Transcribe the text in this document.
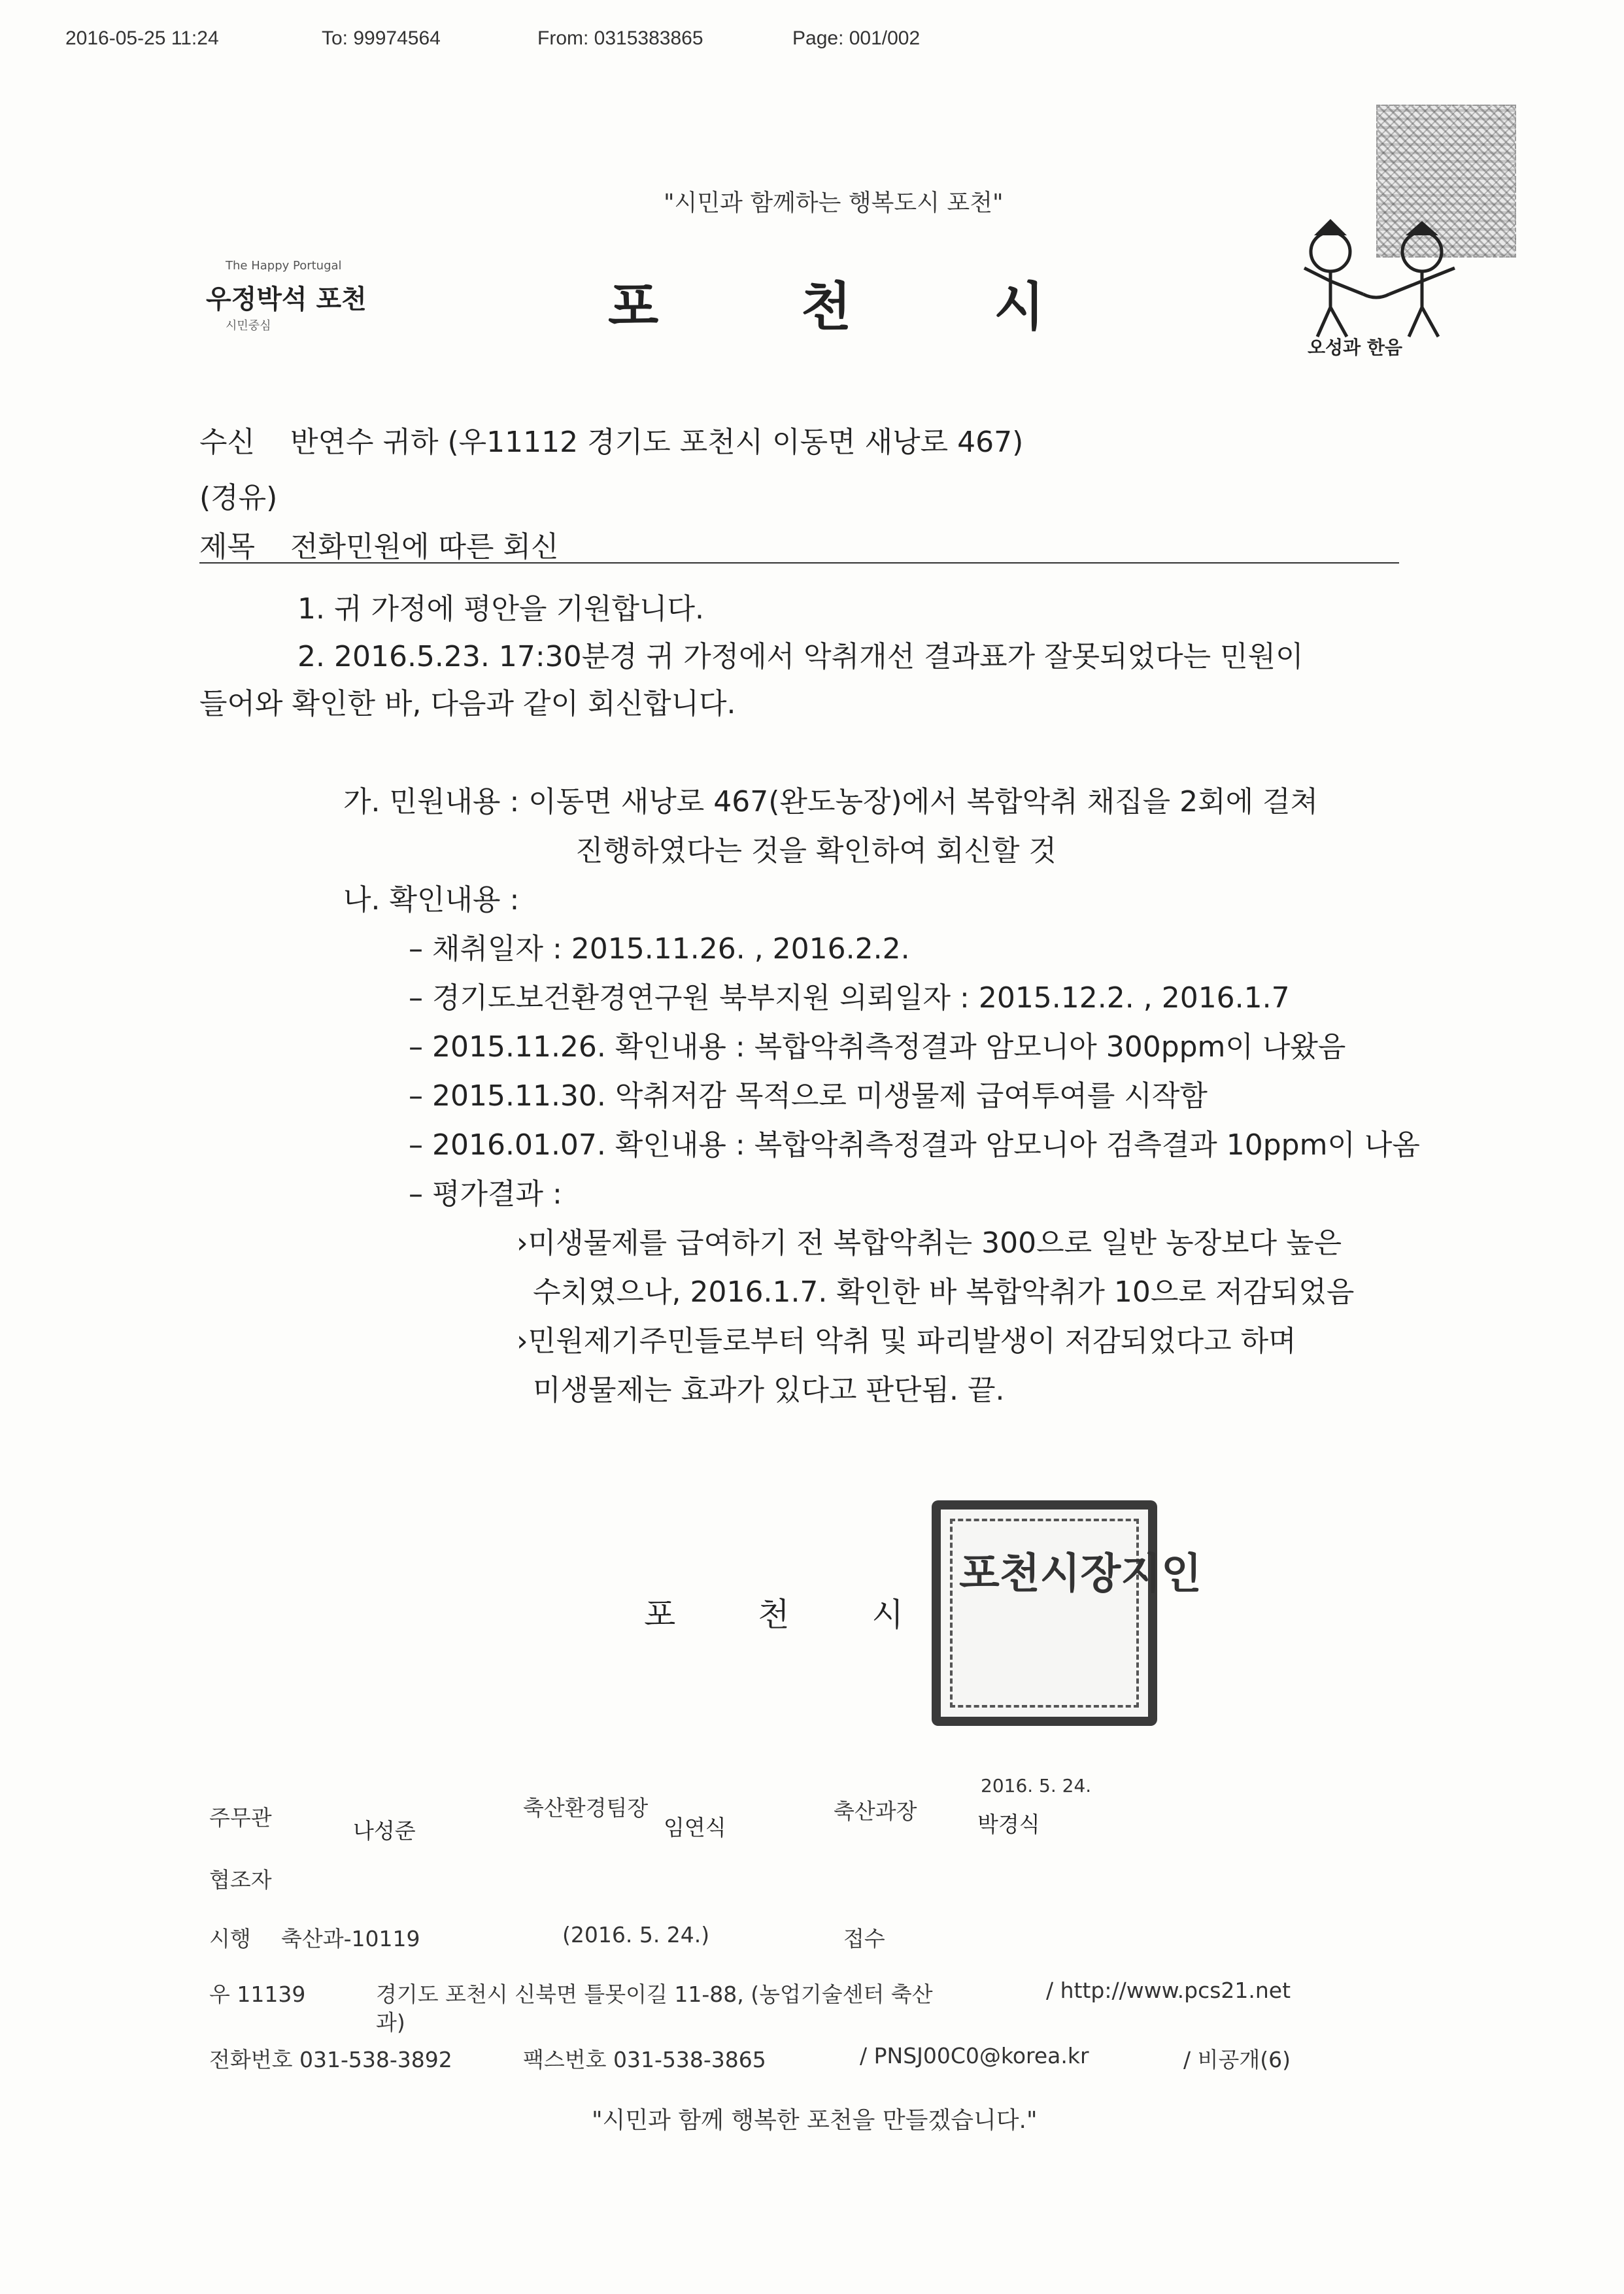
2016-05-25 11:24	To: 99974564	From: 0315383865	Page: 001/002
"시민과 함께하는 행복도시 포천"
The Happy Portugal
우정박석 포천
시민중심	포	천	시
오성과 한음
수신 반연수 귀하 (우11112 경기도 포천시 이동면 새낭로 467)
(경유)
제목 전화민원에 따른 회신
1. 귀 가정에 평안을 기원합니다.
2. 2016.5.23. 17:30분경 귀 가정에서 악취개선 결과표가 잘못되었다는 민원이
들어와 확인한 바, 다음과 같이 회신합니다.
가. 민원내용 : 이동면 새낭로 467(완도농장)에서 복합악취 채집을 2회에 걸쳐
진행하였다는 것을 확인하여 회신할 것
나. 확인내용 :
– 채취일자 : 2015.11.26. , 2016.2.2.
– 경기도보건환경연구원 북부지원 의뢰일자 : 2015.12.2. , 2016.1.7
– 2015.11.26. 확인내용 : 복합악취측정결과 암모니아 300ppm이 나왔음
– 2015.11.30. 악취저감 목적으로 미생물제 급여투여를 시작함
– 2016.01.07. 확인내용 : 복합악취측정결과 암모니아 검측결과 10ppm이 나옴
– 평가결과 :
›미생물제를 급여하기 전 복합악취는 300으로 일반 농장보다 높은
수치였으나, 2016.1.7. 확인한 바 복합악취가 10으로 저감되었음
›민원제기주민들로부터 악취 및 파리발생이 저감되었다고 하며
미생물제는 효과가 있다고 판단됨. 끝.
포	천	시
포천 시장 지인
주무관
나성준
축산환경팀장
임연식
축산과장
2016. 5. 24.
박경식
협조자
시행 축산과-10119	(2016. 5. 24.)	접수
우 11139	경기도 포천시 신북면 틀못이길 11-88, (농업기술센터 축산
과)
/ http://www.pcs21.net
전화번호 031-538-3892	팩스번호 031-538-3865	/ PNSJ00C0@korea.kr	/ 비공개(6)
"시민과 함께 행복한 포천을 만들겠습니다."
